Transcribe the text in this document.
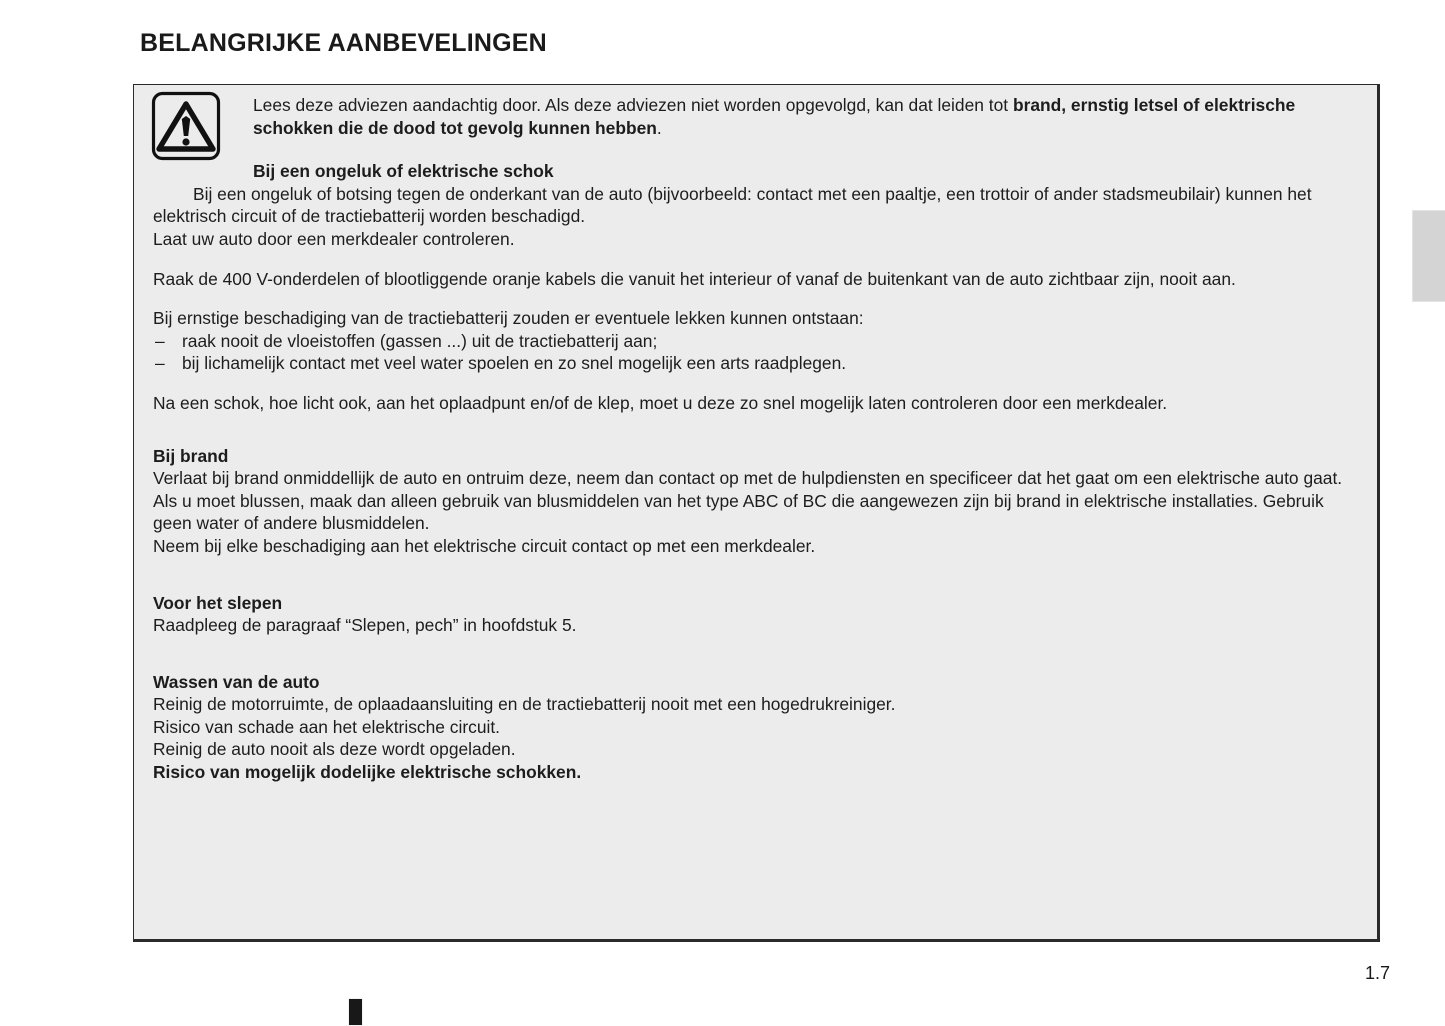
BELANGRIJKE AANBEVELINGEN

Lees deze adviezen aandachtig door. Als deze adviezen niet worden opgevolgd, kan dat leiden tot brand, ernstig letsel of elektrische schokken die de dood tot gevolg kunnen hebben.

Bij een ongeluk of elektrische schok

Bij een ongeluk of botsing tegen de onderkant van de auto (bijvoorbeeld: contact met een paaltje, een trottoir of ander stadsmeubilair) kunnen het elektrisch circuit of de tractiebatterij worden beschadigd.

Laat uw auto door een merkdealer controleren.

Raak de 400 V-onderdelen of blootliggende oranje kabels die vanuit het interieur of vanaf de buitenkant van de auto zichtbaar zijn, nooit aan.

Bij ernstige beschadiging van de tractiebatterij zouden er eventuele lekken kunnen ontstaan:

– raak nooit de vloeistoffen (gassen ...) uit de tractiebatterij aan;
– bij lichamelijk contact met veel water spoelen en zo snel mogelijk een arts raadplegen.

Na een schok, hoe licht ook, aan het oplaadpunt en/of de klep, moet u deze zo snel mogelijk laten controleren door een merkdealer.

Bij brand

Verlaat bij brand onmiddellijk de auto en ontruim deze, neem dan contact op met de hulpdiensten en specificeer dat het gaat om een elektrische auto gaat.

Als u moet blussen, maak dan alleen gebruik van blusmiddelen van het type ABC of BC die aangewezen zijn bij brand in elektrische installaties. Gebruik geen water of andere blusmiddelen.

Neem bij elke beschadiging aan het elektrische circuit contact op met een merkdealer.

Voor het slepen

Raadpleeg de paragraaf “Slepen, pech” in hoofdstuk 5.

Wassen van de auto

Reinig de motorruimte, de oplaadaansluiting en de tractiebatterij nooit met een hogedrukreiniger.

Risico van schade aan het elektrische circuit.

Reinig de auto nooit als deze wordt opgeladen.

Risico van mogelijk dodelijke elektrische schokken.

1.7
